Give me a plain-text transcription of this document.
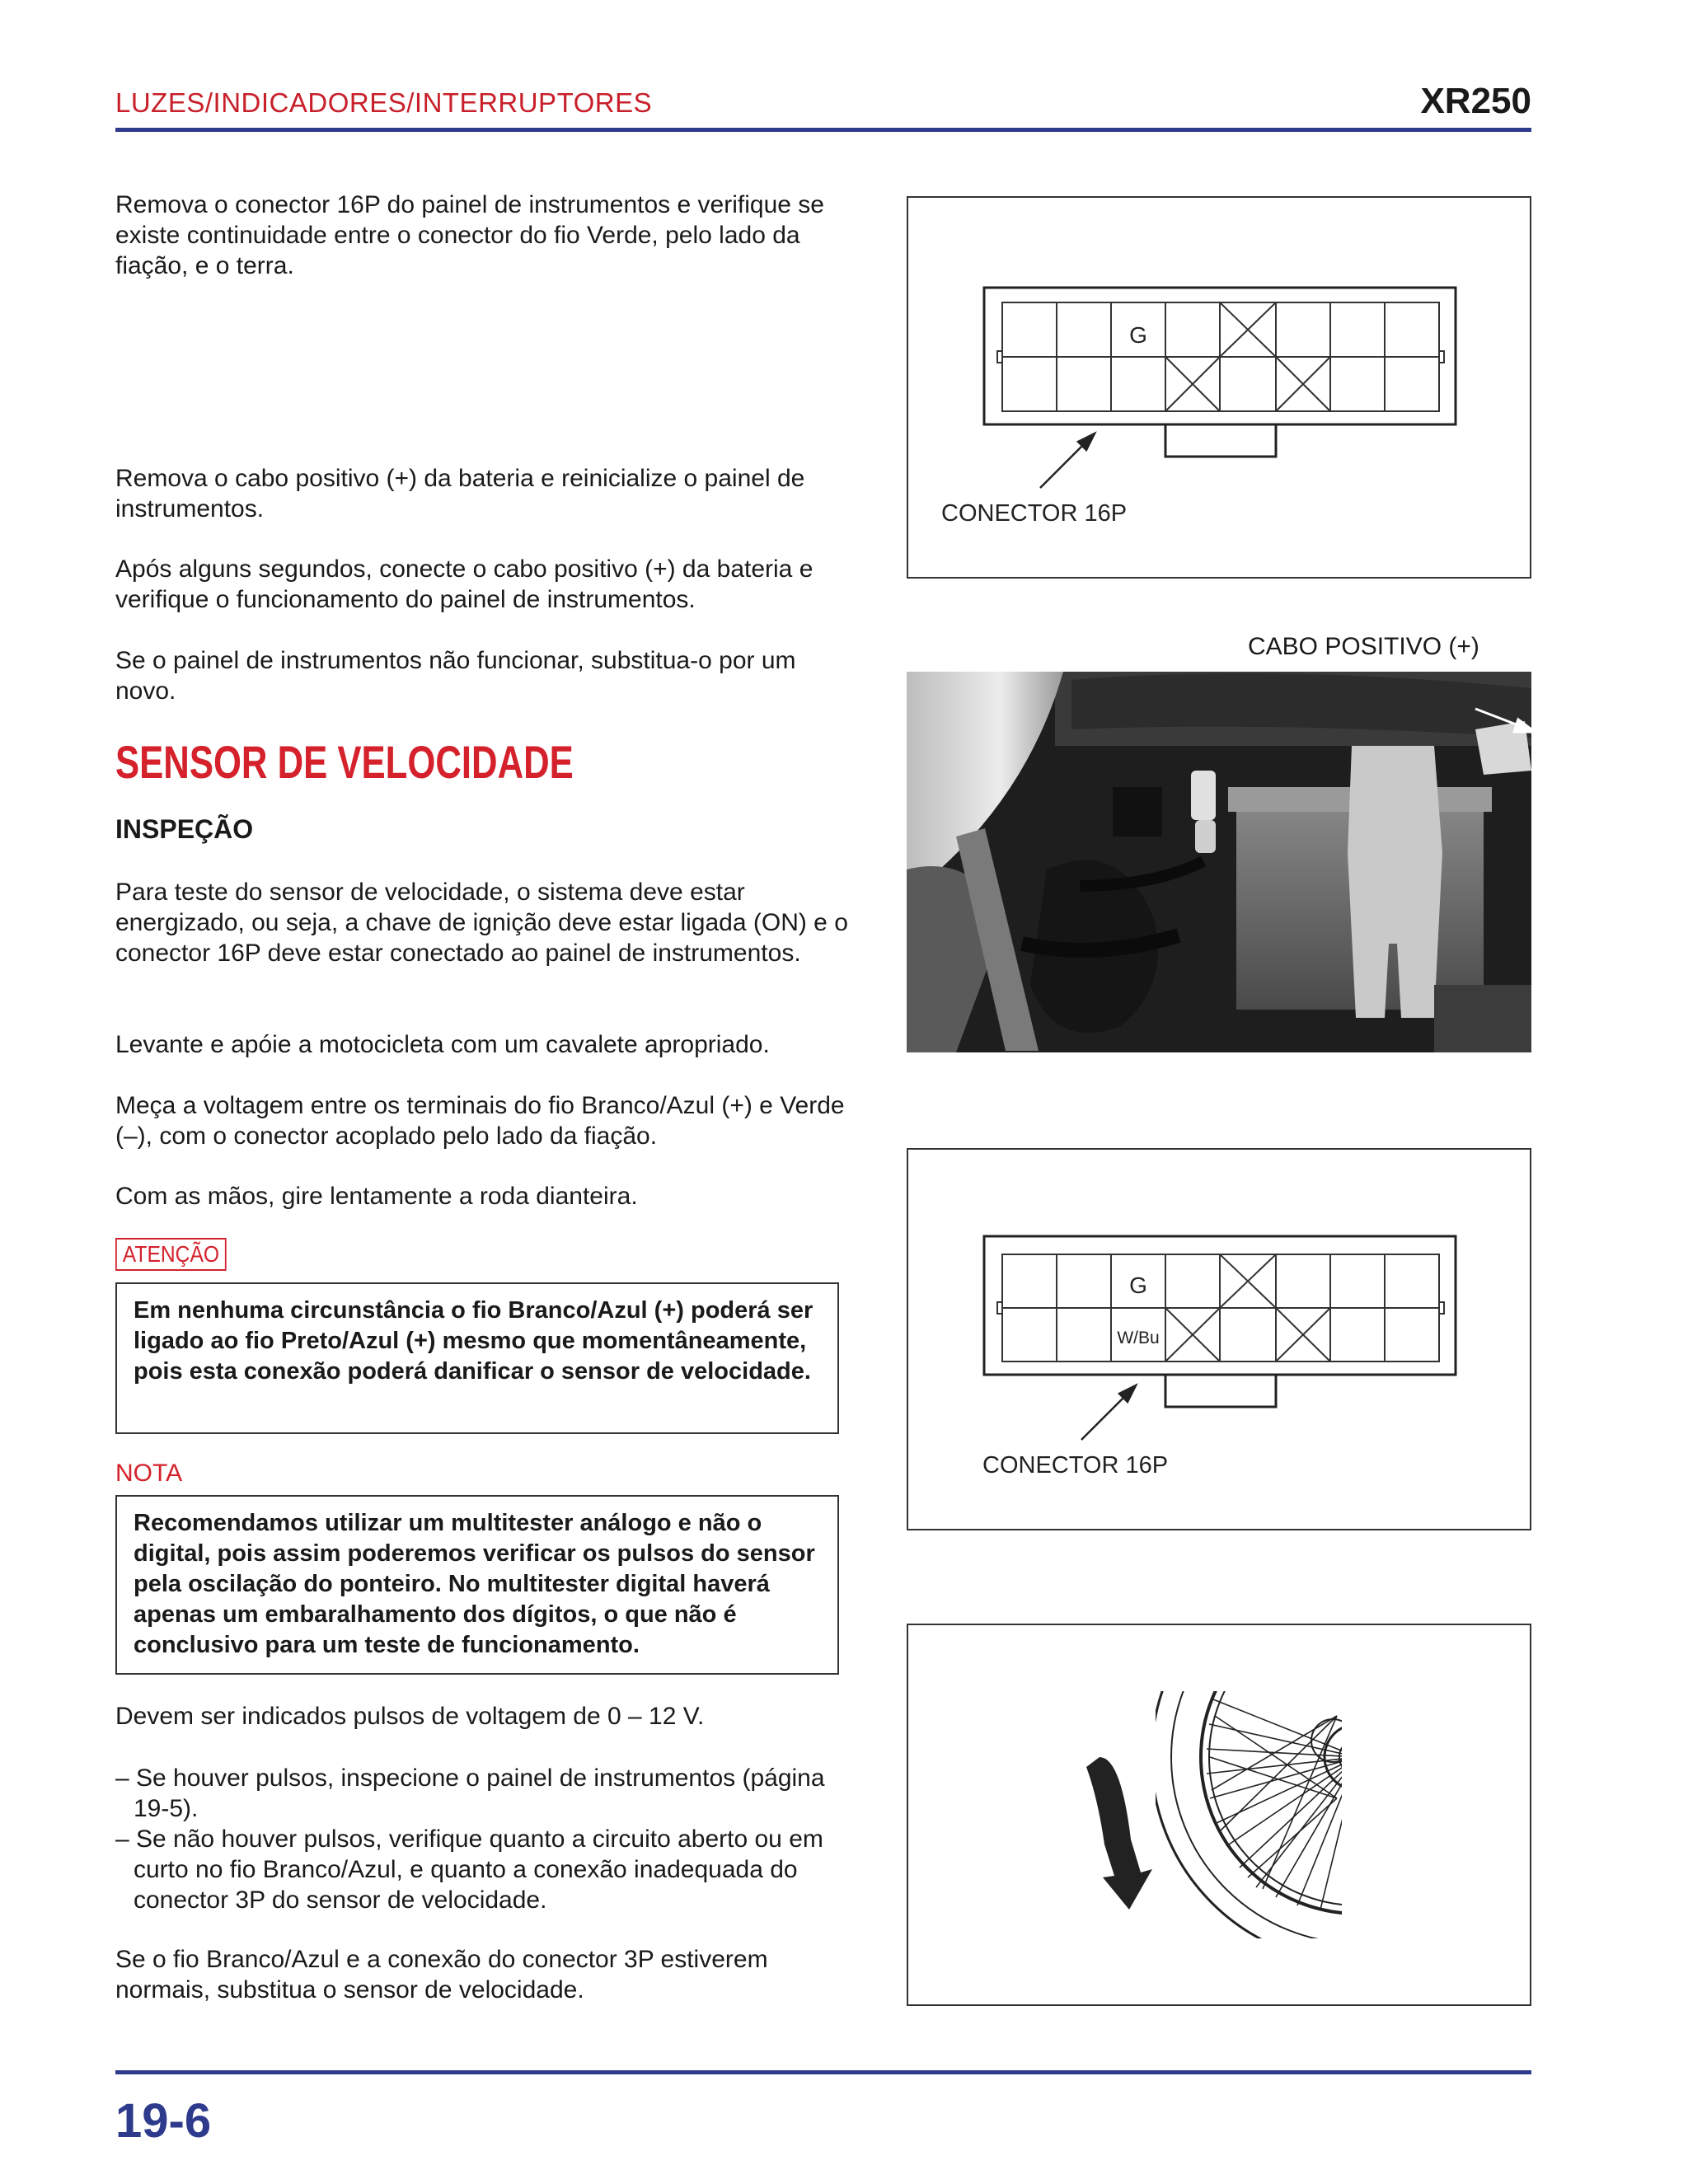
LUZES/INDICADORES/INTERRUPTORES	XR250
Remova o conector 16P do painel de instrumentos e verifique se existe continuidade entre o conector do fio Verde, pelo lado da fiação, e o terra.
Remova o cabo positivo (+) da bateria e reinicialize o painel de instrumentos.
Após alguns segundos, conecte o cabo positivo (+) da bateria e verifique o funcionamento do painel de instrumentos.
Se o painel de instrumentos não funcionar, substitua-o por um novo.
SENSOR DE VELOCIDADE
INSPEÇÃO
Para teste do sensor de velocidade, o sistema deve estar energizado, ou seja, a chave de ignição deve estar ligada (ON) e o conector 16P deve estar conectado ao painel de instrumentos.
Levante e apóie a motocicleta com um cavalete apropriado.
Meça a voltagem entre os terminais do fio Branco/Azul (+) e Verde (–), com o conector acoplado pelo lado da fiação.
Com as mãos, gire lentamente a roda dianteira.
ATENÇÃO
Em nenhuma circunstância o fio Branco/Azul (+) poderá ser ligado ao fio Preto/Azul (+) mesmo que momentâneamente, pois esta conexão poderá danificar o sensor de velocidade.
NOTA
Recomendamos utilizar um multitester análogo e não o digital, pois assim poderemos verificar os pulsos do sensor pela oscilação do ponteiro. No multitester digital haverá apenas um embaralhamento dos dígitos, o que não é conclusivo para um teste de funcionamento.
Devem ser indicados pulsos de voltagem de 0 – 12 V.
– Se houver pulsos, inspecione o painel de instrumentos (página 19-5).
– Se não houver pulsos, verifique quanto a circuito aberto ou em curto no fio Branco/Azul, e quanto a conexão inadequada do conector 3P do sensor de velocidade.
Se o fio Branco/Azul e a conexão do conector 3P estiverem normais, substitua o sensor de velocidade.
G
CONECTOR 16P
CABO POSITIVO (+)
G
W/Bu
CONECTOR 16P
19-6
